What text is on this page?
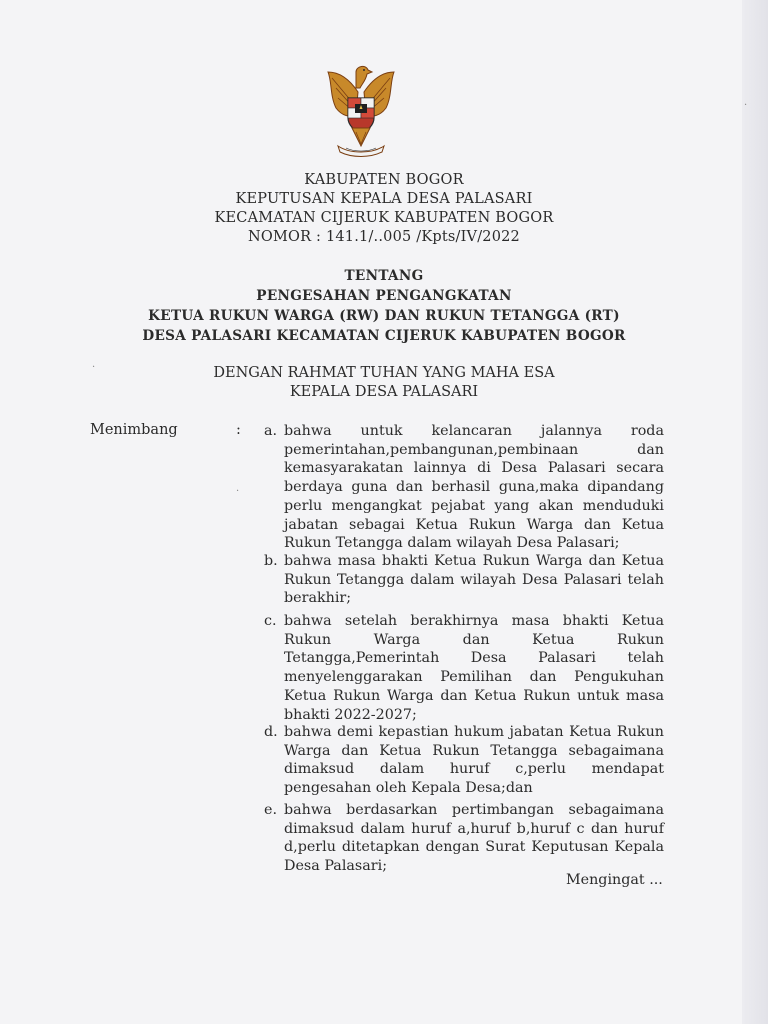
KABUPATEN BOGOR
KEPUTUSAN KEPALA DESA PALASARI
KECAMATAN CIJERUK KABUPATEN BOGOR
NOMOR : 141.1/..005 /Kpts/IV/2022
TENTANG
PENGESAHAN PENGANGKATAN
KETUA RUKUN WARGA (RW) DAN RUKUN TETANGGA (RT)
DESA PALASARI KECAMATAN CIJERUK KABUPATEN BOGOR
DENGAN RAHMAT TUHAN YANG MAHA ESA
KEPALA DESA PALASARI
Menimbang	: a. bahwa untuk kelancaran jalannya roda pemerintahan,pembangunan,pembinaan dan kemasyarakatan lainnya di Desa Palasari secara berdaya guna dan berhasil guna,maka dipandang perlu mengangkat pejabat yang akan menduduki jabatan sebagai Ketua Rukun Warga dan Ketua Rukun Tetangga dalam wilayah Desa Palasari;
b. bahwa masa bhakti Ketua Rukun Warga dan Ketua Rukun Tetangga dalam wilayah Desa Palasari telah berakhir;
c. bahwa setelah berakhirnya masa bhakti Ketua Rukun Warga dan Ketua Rukun Tetangga,Pemerintah Desa Palasari telah menyelenggarakan Pemilihan dan Pengukuhan Ketua Rukun Warga dan Ketua Rukun untuk masa bhakti 2022-2027;
d. bahwa demi kepastian hukum jabatan Ketua Rukun Warga dan Ketua Rukun Tetangga sebagaimana dimaksud dalam huruf c,perlu mendapat pengesahan oleh Kepala Desa;dan
e. bahwa berdasarkan pertimbangan sebagaimana dimaksud dalam huruf a,huruf b,huruf c dan huruf d,perlu ditetapkan dengan Surat Keputusan Kepala Desa Palasari;
Mengingat ...
·
·
·
